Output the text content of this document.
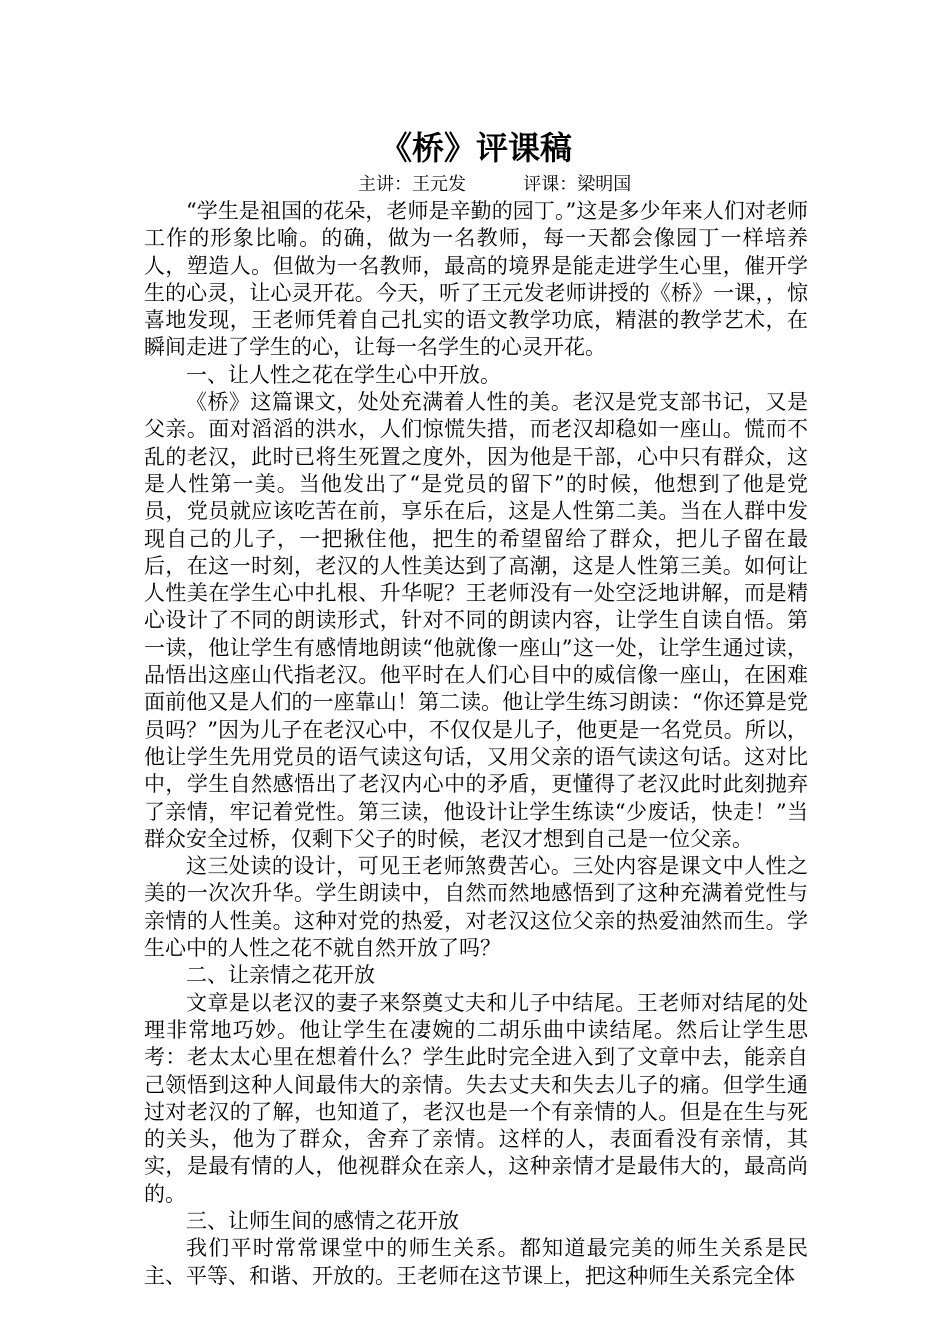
《桥》评课稿
主讲：王元发          评课：梁明国

“学生是祖国的花朵，老师是辛勤的园丁。”这是多少年来人们对老师工作的形象比喻。的确，做为一名教师，每一天都会像园丁一样培养人，塑造人。但做为一名教师，最高的境界是能走进学生心里，催开学生的心灵，让心灵开花。今天，听了王元发老师讲授的《桥》一课，，惊喜地发现，王老师凭着自己扎实的语文教学功底，精湛的教学艺术，在瞬间走进了学生的心，让每一名学生的心灵开花。

一、让人性之花在学生心中开放。

《桥》这篇课文，处处充满着人性的美。老汉是党支部书记，又是父亲。面对滔滔的洪水，人们惊慌失措，而老汉却稳如一座山。慌而不乱的老汉，此时已将生死置之度外，因为他是干部，心中只有群众，这是人性第一美。当他发出了“是党员的留下”的时候，他想到了他是党员，党员就应该吃苦在前，享乐在后，这是人性第二美。当在人群中发现自己的儿子，一把揪住他，把生的希望留给了群众，把儿子留在最后，在这一时刻，老汉的人性美达到了高潮，这是人性第三美。如何让人性美在学生心中扎根、升华呢？王老师没有一处空泛地讲解，而是精心设计了不同的朗读形式，针对不同的朗读内容，让学生自读自悟。第一读，他让学生有感情地朗读“他就像一座山”这一处，让学生通过读，品悟出这座山代指老汉。他平时在人们心目中的威信像一座山，在困难面前他又是人们的一座靠山！第二读。他让学生练习朗读：“你还算是党员吗？”因为儿子在老汉心中，不仅仅是儿子，他更是一名党员。所以，他让学生先用党员的语气读这句话，又用父亲的语气读这句话。这对比中，学生自然感悟出了老汉内心中的矛盾，更懂得了老汉此时此刻抛弃了亲情，牢记着党性。第三读，他设计让学生练读“少废话，快走！”当群众安全过桥，仅剩下父子的时候，老汉才想到自己是一位父亲。

这三处读的设计，可见王老师煞费苦心。三处内容是课文中人性之美的一次次升华。学生朗读中，自然而然地感悟到了这种充满着党性与亲情的人性美。这种对党的热爱，对老汉这位父亲的热爱油然而生。学生心中的人性之花不就自然开放了吗？

二、让亲情之花开放

文章是以老汉的妻子来祭奠丈夫和儿子中结尾。王老师对结尾的处理非常地巧妙。他让学生在凄婉的二胡乐曲中读结尾。然后让学生思考：老太太心里在想着什么？学生此时完全进入到了文章中去，能亲自己领悟到这种人间最伟大的亲情。失去丈夫和失去儿子的痛。但学生通过对老汉的了解，也知道了，老汉也是一个有亲情的人。但是在生与死的关头，他为了群众，舍弃了亲情。这样的人，表面看没有亲情，其实，是最有情的人，他视群众在亲人，这种亲情才是最伟大的，最高尚的。

三、让师生间的感情之花开放

我们平时常常课堂中的师生关系。都知道最完美的师生关系是民主、平等、和谐、开放的。王老师在这节课上，把这种师生关系完全体
